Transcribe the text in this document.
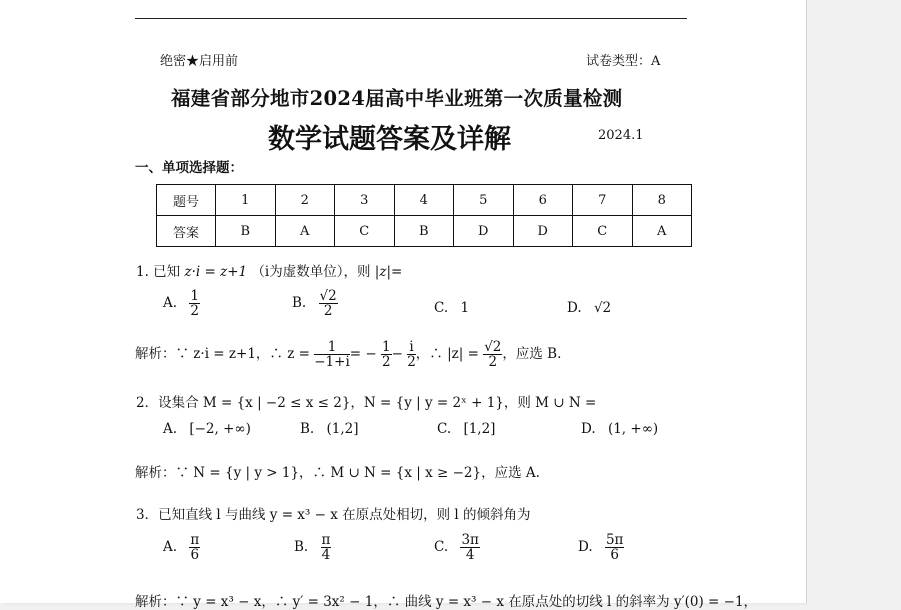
绝密★启用前	试卷类型：A
福建省部分地市2024届高中毕业班第一次质量检测
数学试题答案及详解	2024.1
一、单项选择题：
题号	1	2	3	4	5	6	7	8
答案	B	A	C	B	D	D	C	A
1. 已知 z·i = z+1 （i为虚数单位），则 |z|=
A. $\frac{1}{2}$	B. $\frac{√2}{2}$	C. 1	D. √2
解析：∵ z·i = z+1，∴ $z = \frac{1}{-1+i}$ = − $\frac{1}{2} - \frac{i}{2}$ ，∴ $|z| = \frac{√2}{2}$ ，应选 B.
2．设集合 M = {x | −2 ≤ x ≤ 2}，N = {y | y = 2ˣ + 1}，则 M ∪ N =
A. [−2, +∞)	B. (1,2]	C. [1,2]	D. (1, +∞)
解析：∵ N = {y | y > 1}，∴ M ∪ N = {x | x ≥ −2}，应选 A.
3．已知直线 l 与曲线 y = x³ − x 在原点处相切，则 l 的倾斜角为
A. $\frac{\pi}{6}$	B. $\frac{\pi}{4}$	C. $\frac{3\pi}{4}$	D. $\frac{5\pi}{6}$
解析：∵ y = x³ − x，∴ y′ = 3x² − 1，∴ 曲线 y = x³ − x 在原点处的切线 l 的斜率为 y′(0) = −1，
